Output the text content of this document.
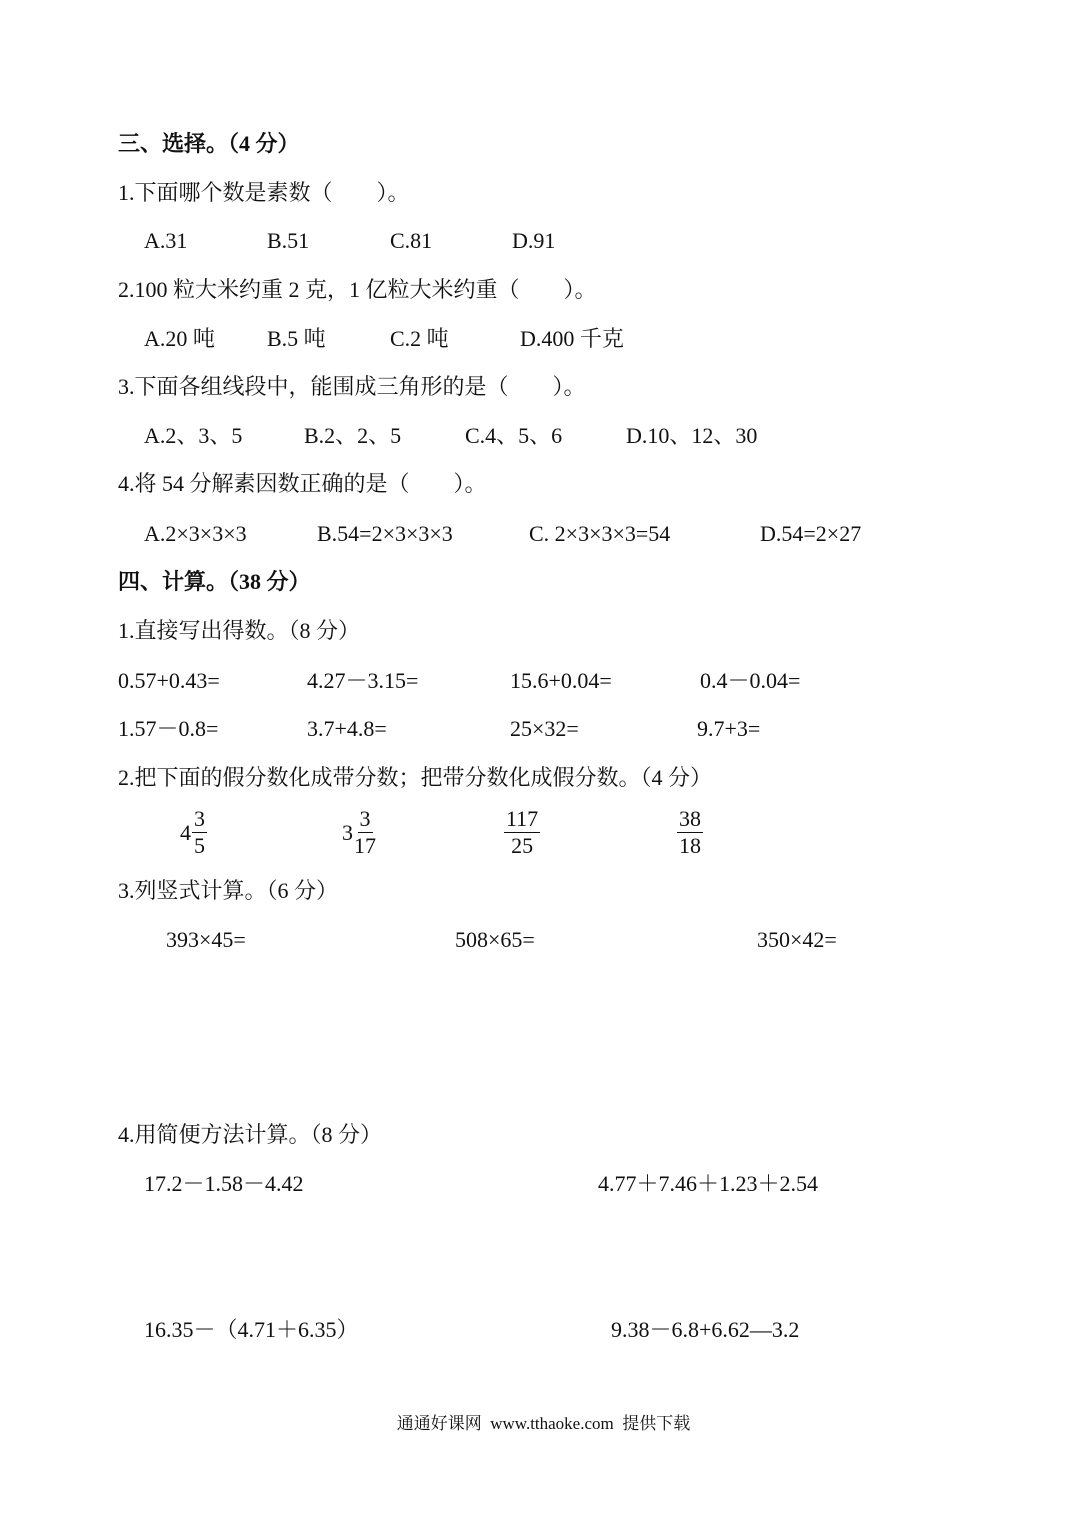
三、选择。（4 分）
1.下面哪个数是素数（　　）。
A.31	B.51	C.81	D.91
2.100 粒大米约重 2 克，1 亿粒大米约重（　　）。
A.20 吨 B.5 吨	C.2 吨	D.400 千克
3.下面各组线段中，能围成三角形的是（　　）。
A.2、3、5	B.2、2、5	C.4、5、6	D.10、12、30
4.将 54 分解素因数正确的是（　　）。
A.2×3×3×3	B.54=2×3×3×3	C. 2×3×3×3=54	D.54=2×27
四、计算。（38 分）
1.直接写出得数。（8 分）
0.57+0.43=	4.27－3.15=	15.6+0.04=	0.4－0.04=
1.57－0.8=	3.7+4.8=	25×32=	9.7+3=
2.把下面的假分数化成带分数；把带分数化成假分数。（4 分）
$4 \frac{3}{5}$	$3 \frac{3}{17}$	$\frac{117}{25}$	$\frac{38}{18}$
3.列竖式计算。（6 分）
393×45=	508×65=	350×42=
4.用简便方法计算。（8 分）
17.2－1.58－4.42	4.77＋7.46＋1.23＋2.54
16.35－（4.71＋6.35）	9.38－6.8+6.62—3.2
通通好课网  www.tthaoke.com  提供下载
